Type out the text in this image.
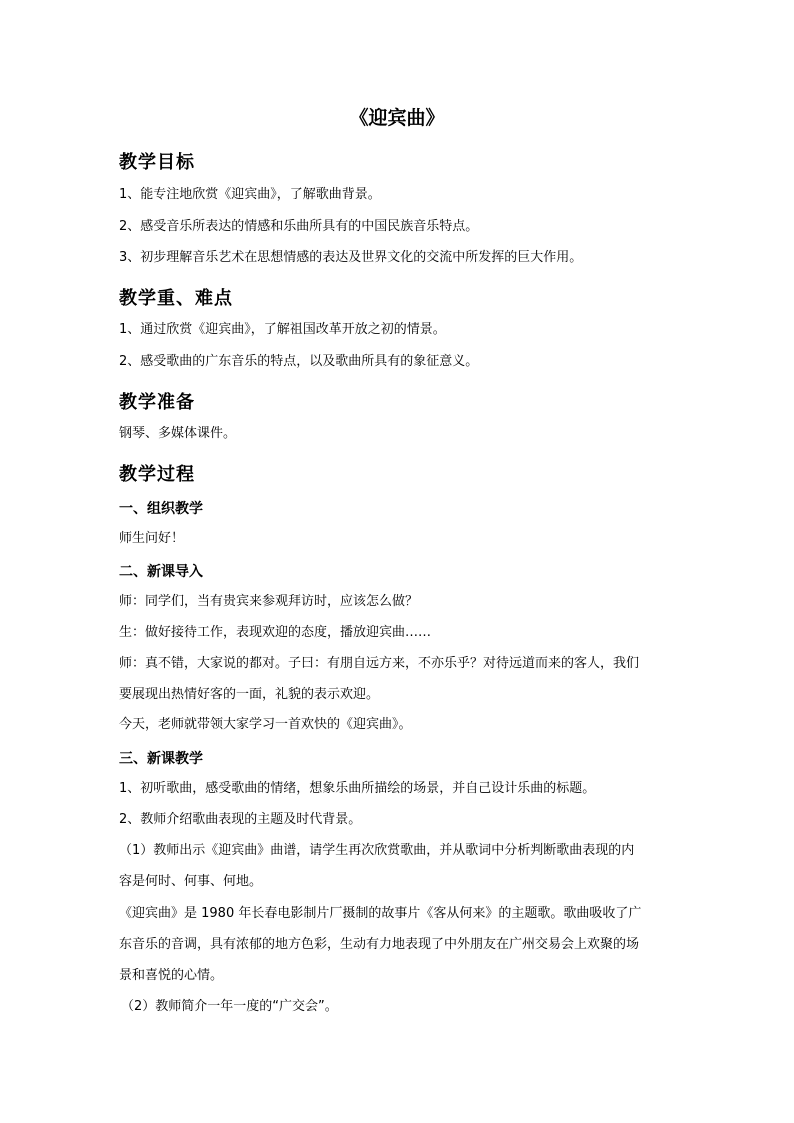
《迎宾曲》
教学目标
1、能专注地欣赏《迎宾曲》，了解歌曲背景。
2、感受音乐所表达的情感和乐曲所具有的中国民族音乐特点。
3、初步理解音乐艺术在思想情感的表达及世界文化的交流中所发挥的巨大作用。
教学重、难点
1、通过欣赏《迎宾曲》，了解祖国改革开放之初的情景。
2、感受歌曲的广东音乐的特点，以及歌曲所具有的象征意义。
教学准备
钢琴、多媒体课件。
教学过程
一、组织教学
师生问好！
二、新课导入
师：同学们，当有贵宾来参观拜访时，应该怎么做？
生：做好接待工作，表现欢迎的态度，播放迎宾曲……
师：真不错，大家说的都对。子曰：有朋自远方来，不亦乐乎？对待远道而来的客人，我们
要展现出热情好客的一面，礼貌的表示欢迎。
今天，老师就带领大家学习一首欢快的《迎宾曲》。
三、新课教学
1、初听歌曲，感受歌曲的情绪，想象乐曲所描绘的场景，并自己设计乐曲的标题。
2、教师介绍歌曲表现的主题及时代背景。
（1）教师出示《迎宾曲》曲谱，请学生再次欣赏歌曲，并从歌词中分析判断歌曲表现的内
容是何时、何事、何地。
《迎宾曲》是 1980 年长春电影制片厂摄制的故事片《客从何来》的主题歌。歌曲吸收了广
东音乐的音调，具有浓郁的地方色彩，生动有力地表现了中外朋友在广州交易会上欢聚的场
景和喜悦的心情。
（2）教师简介一年一度的“广交会”。
